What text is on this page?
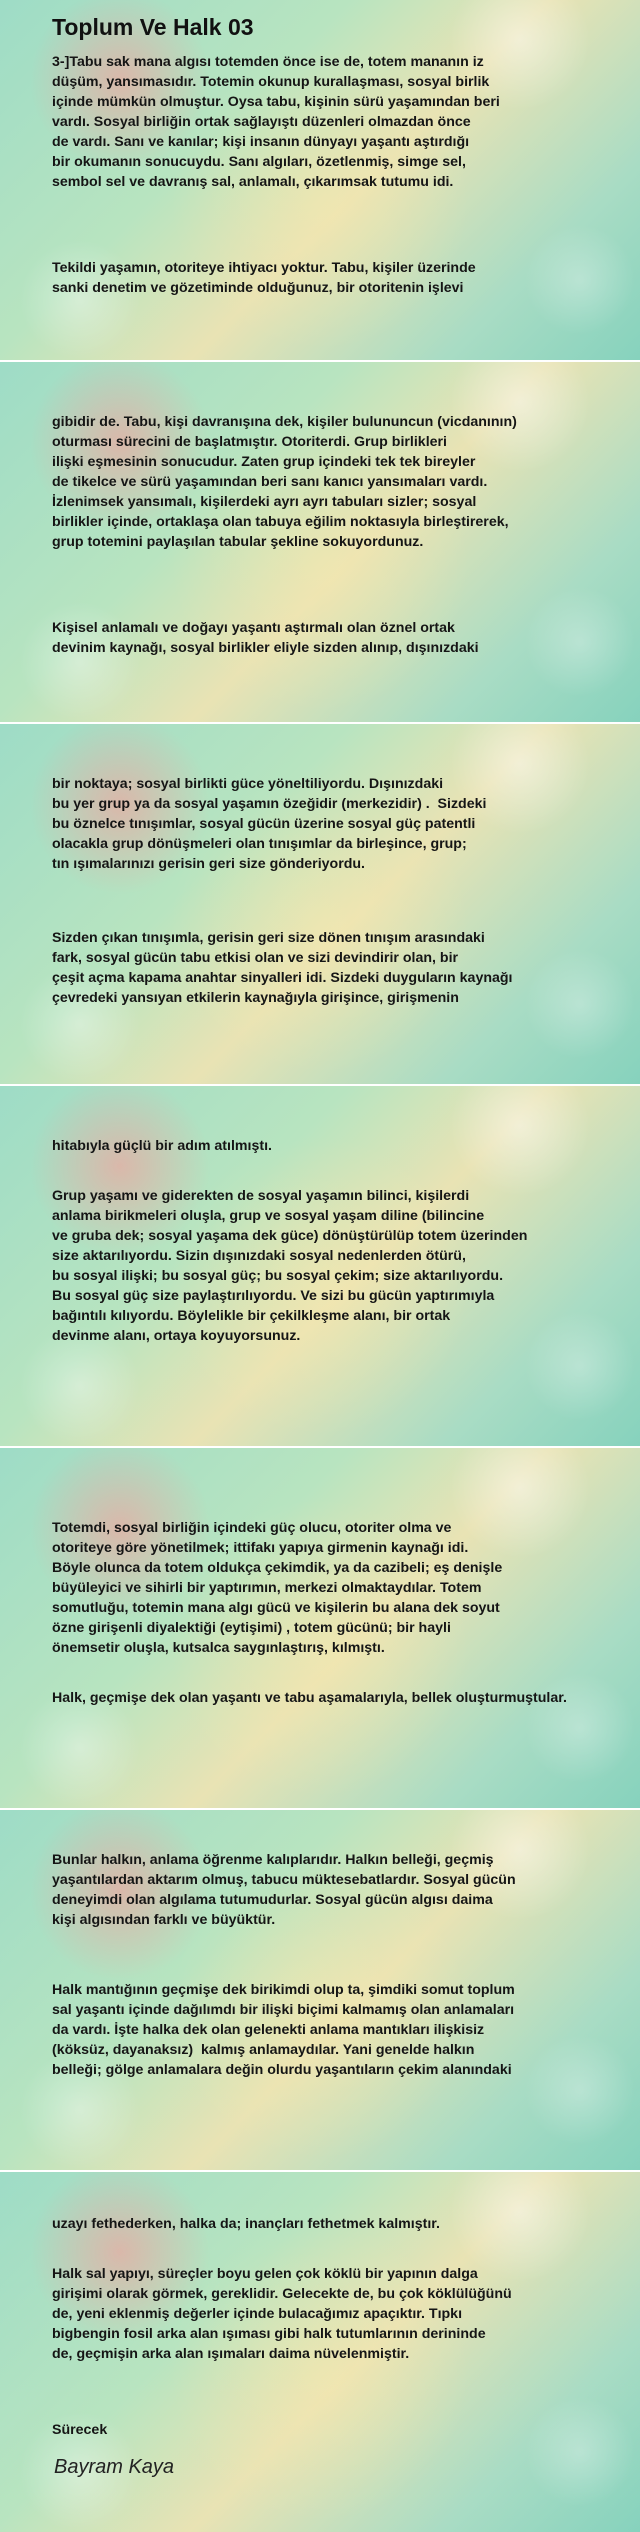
Toplum Ve Halk 03

3-]Tabu sak mana algısı totemden önce ise de, totem mananın iz
düşüm, yansımasıdır. Totemin okunup kurallaşması, sosyal birlik
içinde mümkün olmuştur. Oysa tabu, kişinin sürü yaşamından beri
vardı. Sosyal birliğin ortak sağlayıştı düzenleri olmazdan önce
de vardı. Sanı ve kanılar; kişi insanın dünyayı yaşantı aştırdığı
bir okumanın sonucuydu. Sanı algıları, özetlenmiş, simge sel,
sembol sel ve davranış sal, anlamalı, çıkarımsak tutumu idi.

Tekildi yaşamın, otoriteye ihtiyacı yoktur. Tabu, kişiler üzerinde
sanki denetim ve gözetiminde olduğunuz, bir otoritenin işlevi

gibidir de. Tabu, kişi davranışına dek, kişiler bulununcun (vicdanının)
oturması sürecini de başlatmıştır. Otoriterdi. Grup birlikleri
ilişki eşmesinin sonucudur. Zaten grup içindeki tek tek bireyler
de tikelce ve sürü yaşamından beri sanı kanıcı yansımaları vardı.
İzlenimsek yansımalı, kişilerdeki ayrı ayrı tabuları sizler; sosyal
birlikler içinde, ortaklaşa olan tabuya eğilim noktasıyla birleştirerek,
grup totemini paylaşılan tabular şekline sokuyordunuz.

Kişisel anlamalı ve doğayı yaşantı aştırmalı olan öznel ortak
devinim kaynağı, sosyal birlikler eliyle sizden alınıp, dışınızdaki

bir noktaya; sosyal birlikti güce yöneltiliyordu. Dışınızdaki
bu yer grup ya da sosyal yaşamın özeğidir (merkezidir) .  Sizdeki
bu öznelce tınışımlar, sosyal gücün üzerine sosyal güç patentli
olacakla grup dönüşmeleri olan tınışımlar da birleşince, grup;
tın ışımalarınızı gerisin geri size gönderiyordu.

Sizden çıkan tınışımla, gerisin geri size dönen tınışım arasındaki
fark, sosyal gücün tabu etkisi olan ve sizi devindirir olan, bir
çeşit açma kapama anahtar sinyalleri idi. Sizdeki duyguların kaynağı
çevredeki yansıyan etkilerin kaynağıyla girişince, girişmenin

hitabıyla güçlü bir adım atılmıştı.

Grup yaşamı ve giderekten de sosyal yaşamın bilinci, kişilerdi
anlama birikmeleri oluşla, grup ve sosyal yaşam diline (bilincine
ve gruba dek; sosyal yaşama dek güce) dönüştürülüp totem üzerinden
size aktarılıyordu. Sizin dışınızdaki sosyal nedenlerden ötürü,
bu sosyal ilişki; bu sosyal güç; bu sosyal çekim; size aktarılıyordu.
Bu sosyal güç size paylaştırılıyordu. Ve sizi bu gücün yaptırımıyla
bağıntılı kılıyordu. Böylelikle bir çekilkleşme alanı, bir ortak
devinme alanı, ortaya koyuyorsunuz.

Totemdi, sosyal birliğin içindeki güç olucu, otoriter olma ve
otoriteye göre yönetilmek; ittifakı yapıya girmenin kaynağı idi.
Böyle olunca da totem oldukça çekimdik, ya da cazibeli; eş denişle
büyüleyici ve sihirli bir yaptırımın, merkezi olmaktaydılar. Totem
somutluğu, totemin mana algı gücü ve kişilerin bu alana dek soyut
özne girişenli diyalektiği (eytişimi) , totem gücünü; bir hayli
önemsetir oluşla, kutsalca saygınlaştırış, kılmıştı.

Halk, geçmişe dek olan yaşantı ve tabu aşamalarıyla, bellek oluşturmuştular.

Bunlar halkın, anlama öğrenme kalıplarıdır. Halkın belleği, geçmiş
yaşantılardan aktarım olmuş, tabucu müktesebatlardır. Sosyal gücün
deneyimdi olan algılama tutumudurlar. Sosyal gücün algısı daima
kişi algısından farklı ve büyüktür.

Halk mantığının geçmişe dek birikimdi olup ta, şimdiki somut toplum
sal yaşantı içinde dağılımdı bir ilişki biçimi kalmamış olan anlamaları
da vardı. İşte halka dek olan gelenekti anlama mantıkları ilişkisiz
(köksüz, dayanaksız)  kalmış anlamaydılar. Yani genelde halkın
belleği; gölge anlamalara değin olurdu yaşantıların çekim alanındaki

uzayı fethederken, halka da; inançları fethetmek kalmıştır.

Halk sal yapıyı, süreçler boyu gelen çok köklü bir yapının dalga
girişimi olarak görmek, gereklidir. Gelecekte de, bu çok köklülüğünü
de, yeni eklenmiş değerler içinde bulacağımız apaçıktır. Tıpkı
bigbengin fosil arka alan ışıması gibi halk tutumlarının derininde
de, geçmişin arka alan ışımaları daima nüvelenmiştir.

Sürecek

Bayram Kaya
